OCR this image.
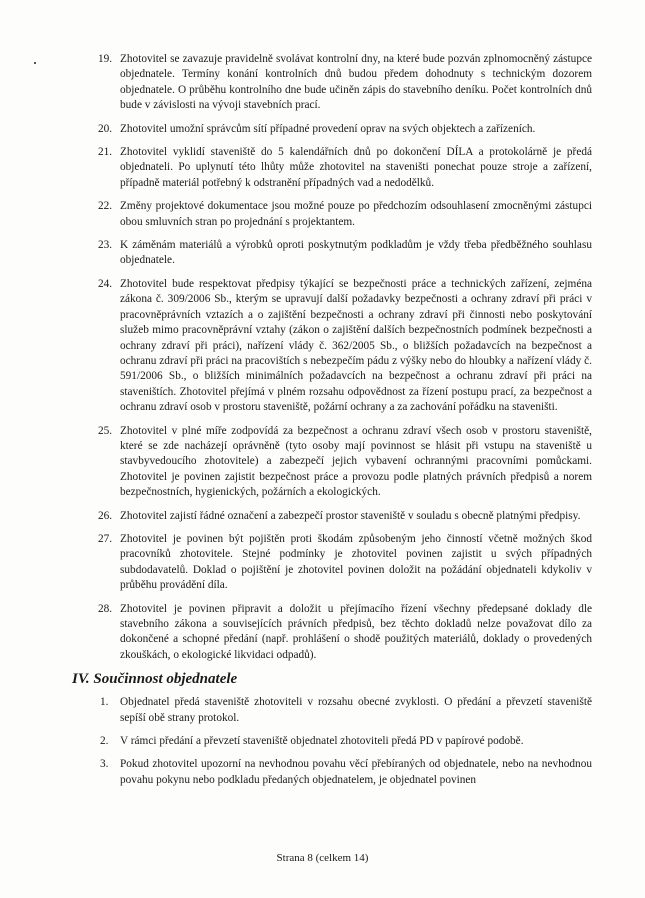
19. Zhotovitel se zavazuje pravidelně svolávat kontrolní dny, na které bude pozván zplnomocněný zástupce objednatele. Termíny konání kontrolních dnů budou předem dohodnuty s technickým dozorem objednatele. O průběhu kontrolního dne bude učiněn zápis do stavebního deníku. Počet kontrolních dnů bude v závislosti na vývoji stavebních prací.
20. Zhotovitel umožní správcům sítí případné provedení oprav na svých objektech a zařízeních.
21. Zhotovitel vyklidí staveniště do 5 kalendářních dnů po dokončení DÍLA a protokolárně je předá objednateli. Po uplynutí této lhůty může zhotovitel na staveništi ponechat pouze stroje a zařízení, případně materiál potřebný k odstranění případných vad a nedodělků.
22. Změny projektové dokumentace jsou možné pouze po předchozím odsouhlasení zmocněnými zástupci obou smluvních stran po projednání s projektantem.
23. K záměnám materiálů a výrobků oproti poskytnutým podkladům je vždy třeba předběžného souhlasu objednatele.
24. Zhotovitel bude respektovat předpisy týkající se bezpečnosti práce a technických zařízení, zejména zákona č. 309/2006 Sb., kterým se upravují další požadavky bezpečnosti a ochrany zdraví při práci v pracovněprávních vztazích a o zajištění bezpečnosti a ochrany zdraví při činnosti nebo poskytování služeb mimo pracovněprávní vztahy (zákon o zajištění dalších bezpečnostních podmínek bezpečnosti a ochrany zdraví při práci), nařízení vlády č. 362/2005 Sb., o bližších požadavcích na bezpečnost a ochranu zdraví při práci na pracovištích s nebezpečím pádu z výšky nebo do hloubky a nařízení vlády č. 591/2006 Sb., o bližších minimálních požadavcích na bezpečnost a ochranu zdraví při práci na staveništích. Zhotovitel přejímá v plném rozsahu odpovědnost za řízení postupu prací, za bezpečnost a ochranu zdraví osob v prostoru staveniště, požární ochrany a za zachování pořádku na staveništi.
25. Zhotovitel v plné míře zodpovídá za bezpečnost a ochranu zdraví všech osob v prostoru staveniště, které se zde nacházejí oprávněně (tyto osoby mají povinnost se hlásit při vstupu na staveniště u stavbyvedoucího zhotovitele) a zabezpečí jejich vybavení ochrannými pracovními pomůckami. Zhotovitel je povinen zajistit bezpečnost práce a provozu podle platných právních předpisů a norem bezpečnostních, hygienických, požárních a ekologických.
26. Zhotovitel zajistí řádné označení a zabezpečí prostor staveniště v souladu s obecně platnými předpisy.
27. Zhotovitel je povinen být pojištěn proti škodám způsobeným jeho činností včetně možných škod pracovníků zhotovitele. Stejné podmínky je zhotovitel povinen zajistit u svých případných subdodavatelů. Doklad o pojištění je zhotovitel povinen doložit na požádání objednateli kdykoliv v průběhu provádění díla.
28. Zhotovitel je povinen připravit a doložit u přejímacího řízení všechny předepsané doklady dle stavebního zákona a souvisejících právních předpisů, bez těchto dokladů nelze považovat dílo za dokončené a schopné předání (např. prohlášení o shodě použitých materiálů, doklady o provedených zkouškách, o ekologické likvidaci odpadů).
IV. Součinnost objednatele
1. Objednatel předá staveniště zhotoviteli v rozsahu obecné zvyklosti. O předání a převzetí staveniště sepíší obě strany protokol.
2. V rámci předání a převzetí staveniště objednatel zhotoviteli předá PD v papírové podobě.
3. Pokud zhotovitel upozorní na nevhodnou povahu věcí přebíraných od objednatele, nebo na nevhodnou povahu pokynu nebo podkladu předaných objednatelem, je objednatel povinen
Strana 8 (celkem 14)
